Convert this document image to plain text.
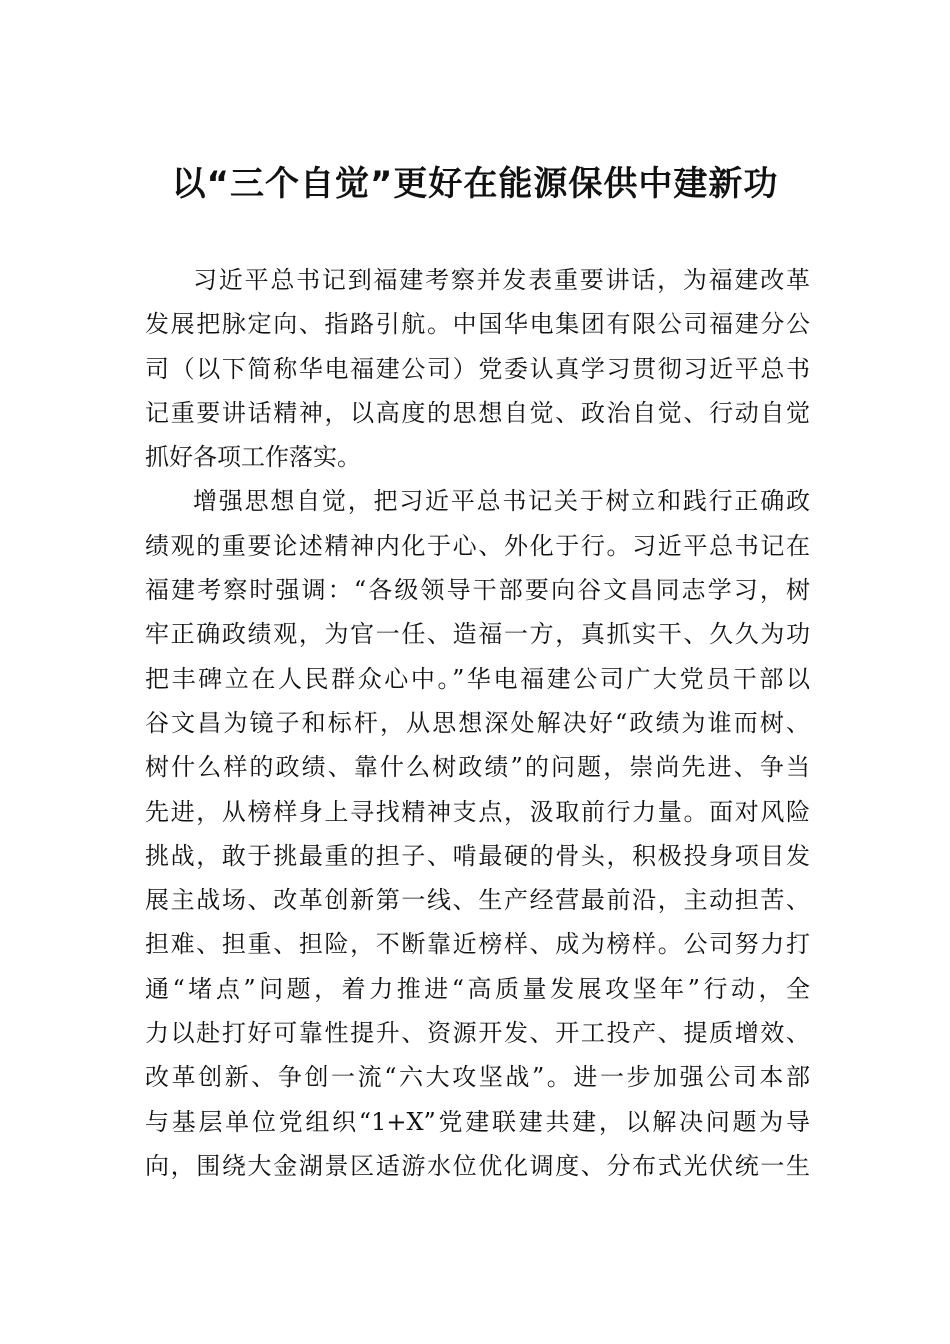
以“三个自觉”更好在能源保供中建新功
习近平总书记到福建考察并发表重要讲话，为福建改革
发展把脉定向、指路引航。中国华电集团有限公司福建分公
司（以下简称华电福建公司）党委认真学习贯彻习近平总书
记重要讲话精神，以高度的思想自觉、政治自觉、行动自觉
抓好各项工作落实。
增强思想自觉，把习近平总书记关于树立和践行正确政
绩观的重要论述精神内化于心、外化于行。习近平总书记在
福建考察时强调：“各级领导干部要向谷文昌同志学习，树
牢正确政绩观，为官一任、造福一方，真抓实干、久久为功
把丰碑立在人民群众心中。”华电福建公司广大党员干部以
谷文昌为镜子和标杆，从思想深处解决好“政绩为谁而树、
树什么样的政绩、靠什么树政绩”的问题，崇尚先进、争当
先进，从榜样身上寻找精神支点，汲取前行力量。面对风险
挑战，敢于挑最重的担子、啃最硬的骨头，积极投身项目发
展主战场、改革创新第一线、生产经营最前沿，主动担苦、
担难、担重、担险，不断靠近榜样、成为榜样。公司努力打
通“堵点”问题，着力推进“高质量发展攻坚年”行动，全
力以赴打好可靠性提升、资源开发、开工投产、提质增效、
改革创新、争创一流“六大攻坚战”。进一步加强公司本部
与基层单位党组织“1+X”党建联建共建，以解决问题为导
向，围绕大金湖景区适游水位优化调度、分布式光伏统一生
